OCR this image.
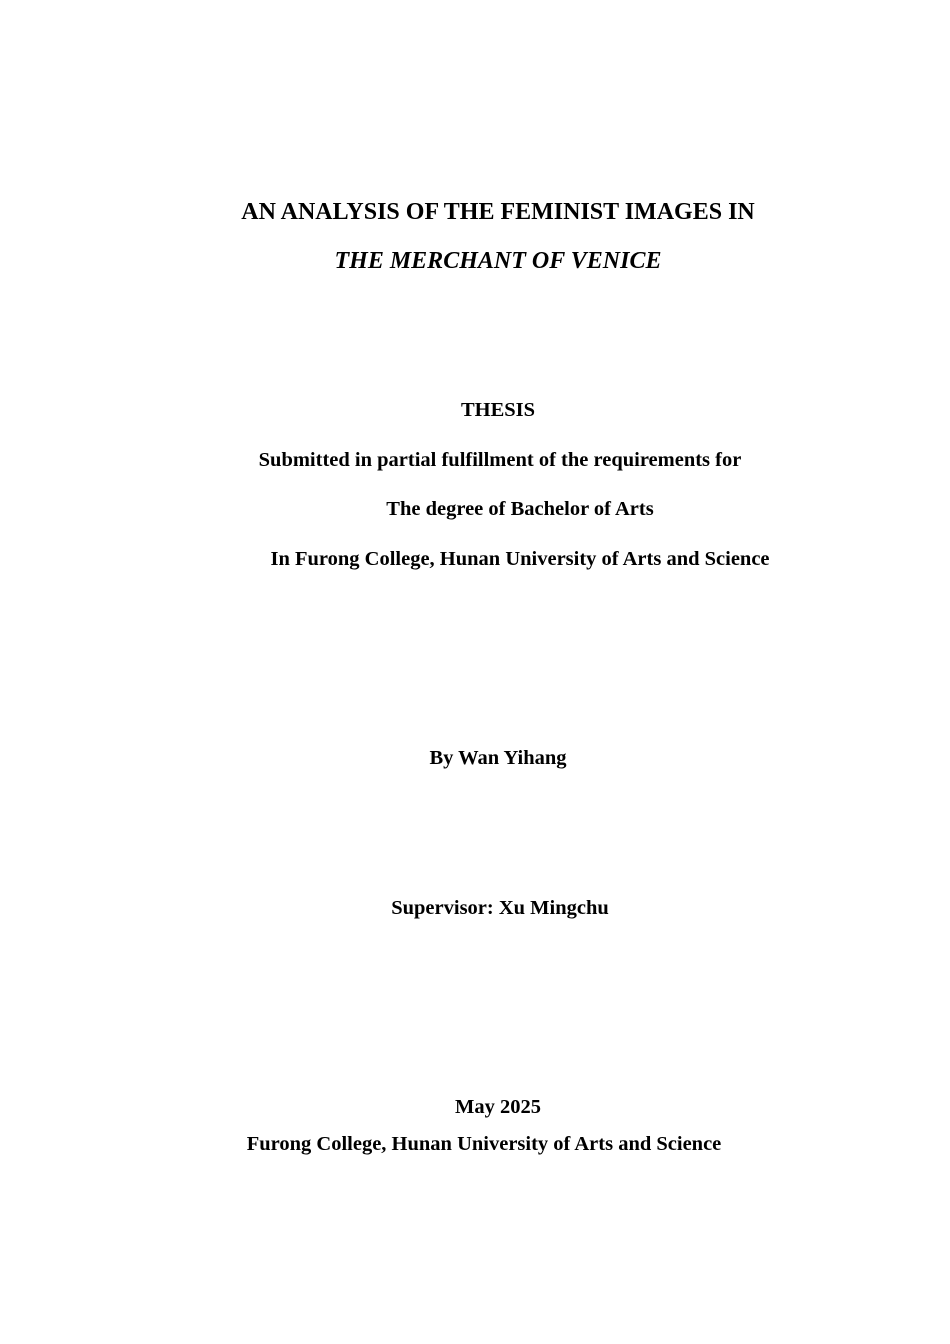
AN ANALYSIS OF THE FEMINIST IMAGES IN
THE MERCHANT OF VENICE
THESIS
Submitted in partial fulfillment of the requirements for
The degree of Bachelor of Arts
In Furong College, Hunan University of Arts and Science
By Wan Yihang
Supervisor: Xu Mingchu
May 2025
Furong College, Hunan University of Arts and Science
